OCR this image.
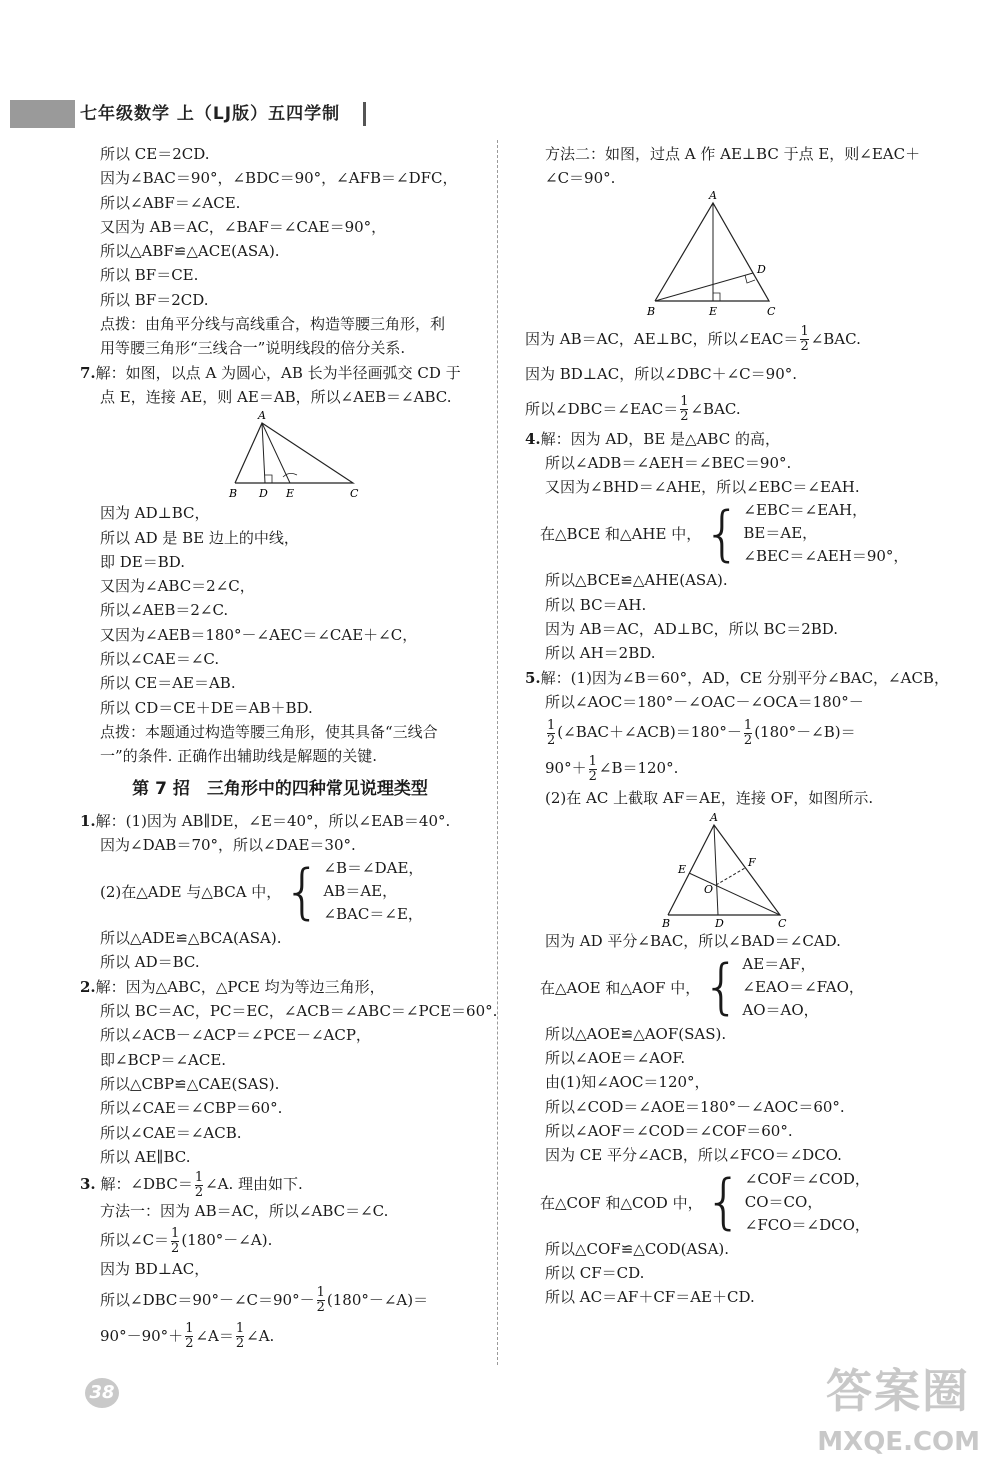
七年级数学 上（LJ版）五四学制
所以 CE＝2CD.
因为∠BAC＝90°，∠BDC＝90°，∠AFB＝∠DFC，
所以∠ABF＝∠ACE.
又因为 AB＝AC，∠BAF＝∠CAE＝90°，
所以△ABF≌△ACE(ASA).
所以 BF＝CE.
所以 BF＝2CD.
点拨：由角平分线与高线重合，构造等腰三角形，利
用等腰三角形“三线合一”说明线段的倍分关系.
7.解：如图，以点 A 为圆心，AB 长为半径画弧交 CD 于
点 E，连接 AE，则 AE＝AB，所以∠AEB＝∠ABC.
A
B D E	C
因为 AD⊥BC，
所以 AD 是 BE 边上的中线，
即 DE＝BD.
又因为∠ABC＝2∠C，
所以∠AEB＝2∠C.
又因为∠AEB＝180°－∠AEC＝∠CAE＋∠C，
所以∠CAE＝∠C.
所以 CE＝AE＝AB.
所以 CD＝CE＋DE＝AB＋BD.
点拨：本题通过构造等腰三角形，使其具备“三线合
一”的条件. 正确作出辅助线是解题的关键.
第 7 招　三角形中的四种常见说理类型
1.解：(1)因为 AB∥DE，∠E＝40°，所以∠EAB＝40°.
因为∠DAB＝70°，所以∠DAE＝30°.
(2)在△ADE 与△BCA 中， { ∠B＝∠DAE，
AB＝AE，
∠BAC＝∠E，
所以△ADE≌△BCA(ASA).
所以 AD＝BC.
2.解：因为△ABC，△PCE 均为等边三角形，
所以 BC＝AC，PC＝EC，∠ACB＝∠ABC＝∠PCE＝60°.
所以∠ACB－∠ACP＝∠PCE－∠ACP，
即∠BCP＝∠ACE.
所以△CBP≌△CAE(SAS).
所以∠CAE＝∠CBP＝60°.
所以∠CAE＝∠ACB.
所以 AE∥BC.
3. 解：∠DBC＝ $\frac{1}{2}$ ∠A. 理由如下.
方法一：因为 AB＝AC，所以∠ABC＝∠C.
所以∠C＝ $\frac{1}{2}$ (180°－∠A).
因为 BD⊥AC，
所以∠DBC＝90°－∠C＝90°－ $\frac{1}{2}$ (180°－∠A)＝
$90^\circ-90^\circ+ \frac{1}{2}$ ∠A＝ $\frac{1}{2}$ ∠A.
方法二：如图，过点 A 作 AE⊥BC 于点 E，则∠EAC＋
∠C＝90°.
A
B	E	C
D
因为 AB＝AC，AE⊥BC，所以∠EAC＝ $\frac{1}{2}$ ∠BAC.
因为 BD⊥AC，所以∠DBC＋∠C＝90°.
所以∠DBC＝∠EAC＝ $\frac{1}{2}$ ∠BAC.
4.解：因为 AD，BE 是△ABC 的高，
所以∠ADB＝∠AEH＝∠BEC＝90°.
又因为∠BHD＝∠AHE，所以∠EBC＝∠EAH.
在△BCE 和△AHE 中， { ∠EBC＝∠EAH，
BE＝AE，
∠BEC＝∠AEH＝90°，
所以△BCE≌△AHE(ASA).
所以 BC＝AH.
因为 AB＝AC，AD⊥BC，所以 BC＝2BD.
所以 AH＝2BD.
5.解：(1)因为∠B＝60°，AD，CE 分别平分∠BAC，∠ACB，
所以∠AOC＝180°－∠OAC－∠OCA＝180°－
$\frac{1}{2}$ (∠BAC＋∠ACB)＝180°－ $\frac{1}{2}$ (180°－∠B)＝
$90^\circ+ \frac{1}{2}$ ∠B＝120°.
(2)在 AC 上截取 AF＝AE，连接 OF，如图所示.
A
B	D	C
E
F
O
因为 AD 平分∠BAC，所以∠BAD＝∠CAD.
在△AOE 和△AOF 中， { AE＝AF，
∠EAO＝∠FAO，
AO＝AO，
所以△AOE≌△AOF(SAS).
所以∠AOE＝∠AOF.
由(1)知∠AOC＝120°，
所以∠COD＝∠AOE＝180°－∠AOC＝60°.
所以∠AOF＝∠COD＝∠COF＝60°.
因为 CE 平分∠ACB，所以∠FCO＝∠DCO.
在△COF 和△COD 中， { ∠COF＝∠COD，
CO＝CO，
∠FCO＝∠DCO，
所以△COF≌△COD(ASA).
所以 CF＝CD.
所以 AC＝AF＋CF＝AE＋CD.
38	答案圈
MXQE.COM
